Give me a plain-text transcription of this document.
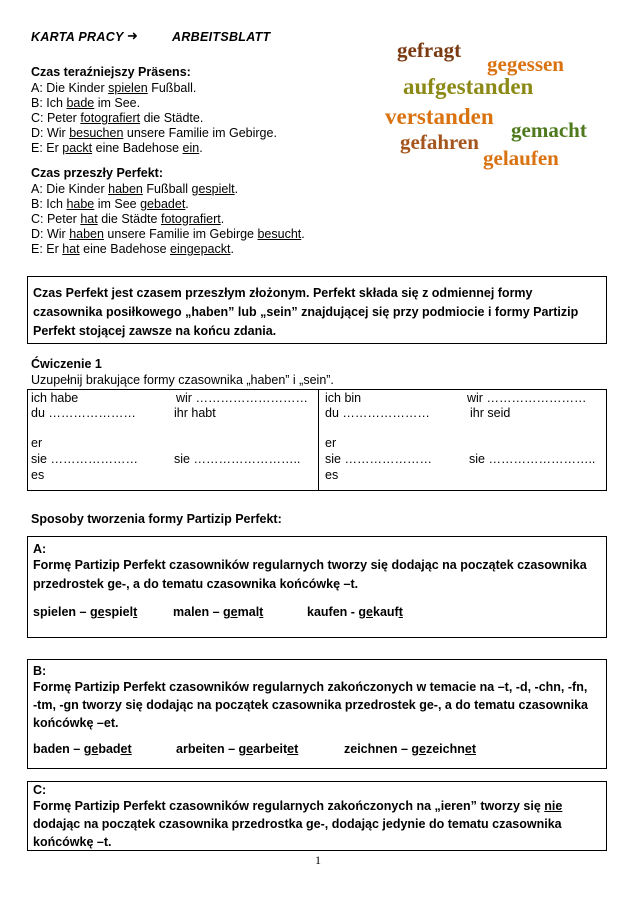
KARTA PRACY ➜	ARBEITSBLATT
gefragt
gegessen
aufgestanden
verstanden
gemacht
gefahren
gelaufen
Czas teraźniejszy Präsens:
A: Die Kinder spielen Fußball.
B: Ich bade im See.
C: Peter fotografiert die Städte.
D: Wir besuchen unsere Familie im Gebirge.
E: Er packt eine Badehose ein.
Czas przeszły Perfekt:
A: Die Kinder haben Fußball gespielt.
B: Ich habe im See gebadet.
C: Peter hat die Städte fotografiert.
D: Wir haben unsere Familie im Gebirge besucht.
E: Er hat eine Badehose eingepackt.
Czas Perfekt jest czasem przeszłym złożonym. Perfekt składa się z odmiennej formy
czasownika posiłkowego „haben” lub „sein” znajdującej się przy podmiocie i formy Partizip
Perfekt stojącej zawsze na końcu zdania.
Ćwiczenie 1
Uzupełnij brakujące formy czasownika „haben” i „sein”.
ich habe	wir ………………………
du …………………	ihr habt
er
sie …………………	sie ……………………..
es
ich bin	wir ……………………
du …………………	ihr seid
er
sie …………………	sie ……………………..
es
Sposoby tworzenia formy Partizip Perfekt:
A:
Formę Partizip Perfekt czasowników regularnych tworzy się dodając na początek czasownika
przedrostek ge-, a do tematu czasownika końcówkę –t.
spielen – gespielt	malen – gemalt	kaufen - gekauft
B:
Formę Partizip Perfekt czasowników regularnych zakończonych w temacie na –t, -d, -chn, -fn,
-tm, -gn tworzy się dodając na początek czasownika przedrostek ge-, a do tematu czasownika
końcówkę –et.
baden – gebadet	arbeiten – gearbeitet	zeichnen – gezeichnet
C:
Formę Partizip Perfekt czasowników regularnych zakończonych na „ieren” tworzy się nie
dodając na początek czasownika przedrostka ge-, dodając jedynie do tematu czasownika
końcówkę –t.
1
